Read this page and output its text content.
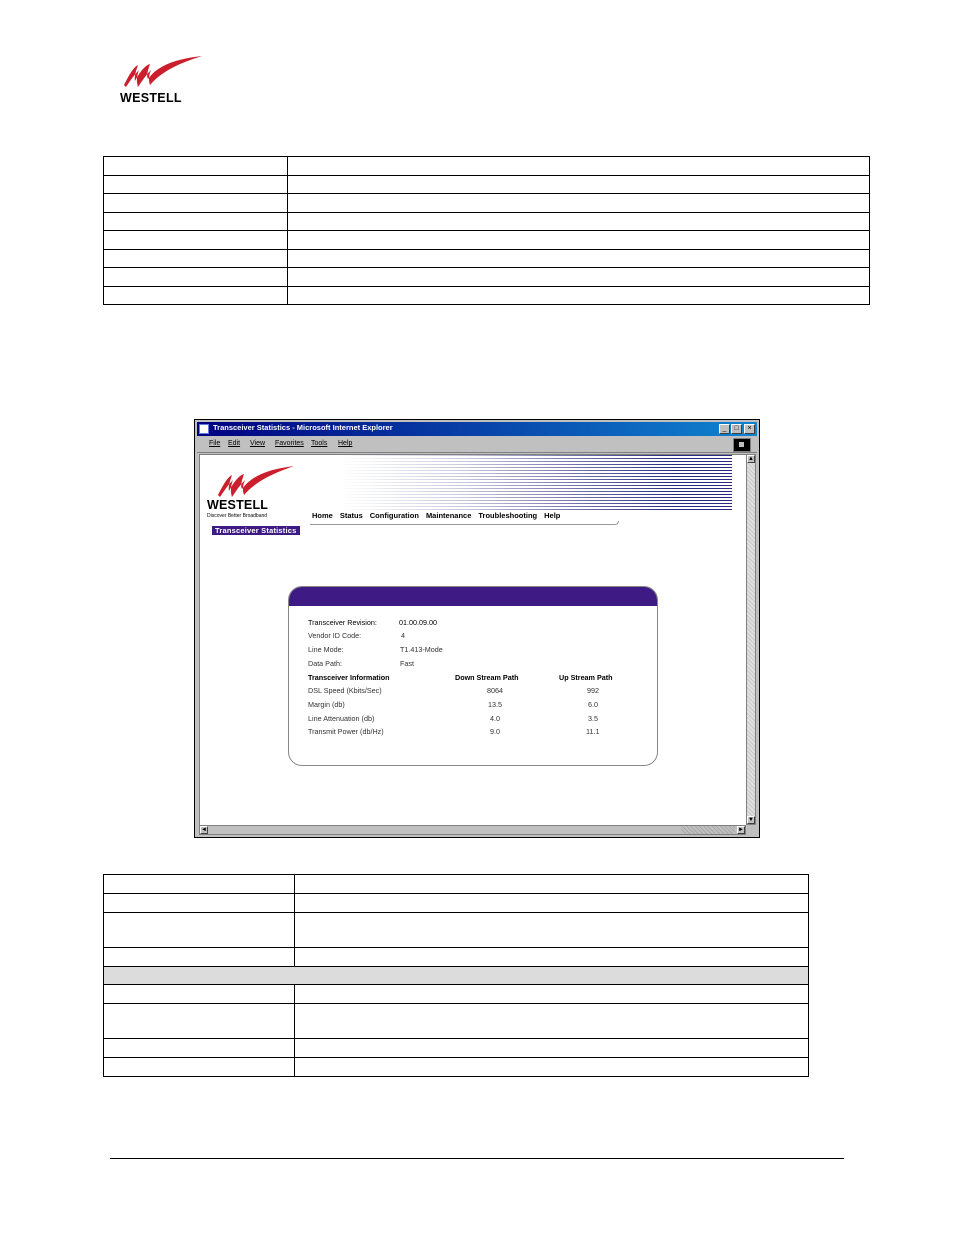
WESTELL

Transceiver Statistics - Microsoft Internet Explorer	_	□	×
File Edit View Favorites Tools Help
WESTELL
Discover Better Broadband	Home Status Configuration Maintenance Troubleshooting Help
Transceiver Statistics
Transceiver Revision:	01.00.09.00
Vendor ID Code:	4
Line Mode:	T1.413-Mode
Data Path:	Fast
Transceiver Information	Down Stream Path	Up Stream Path
DSL Speed (Kbits/Sec)	8064	992
Margin (db)	13.5	6.0
Line Attenuation (db)	4.0	3.5
Transmit Power (db/Hz)	9.0	11.1
▲
▼
◄	►
